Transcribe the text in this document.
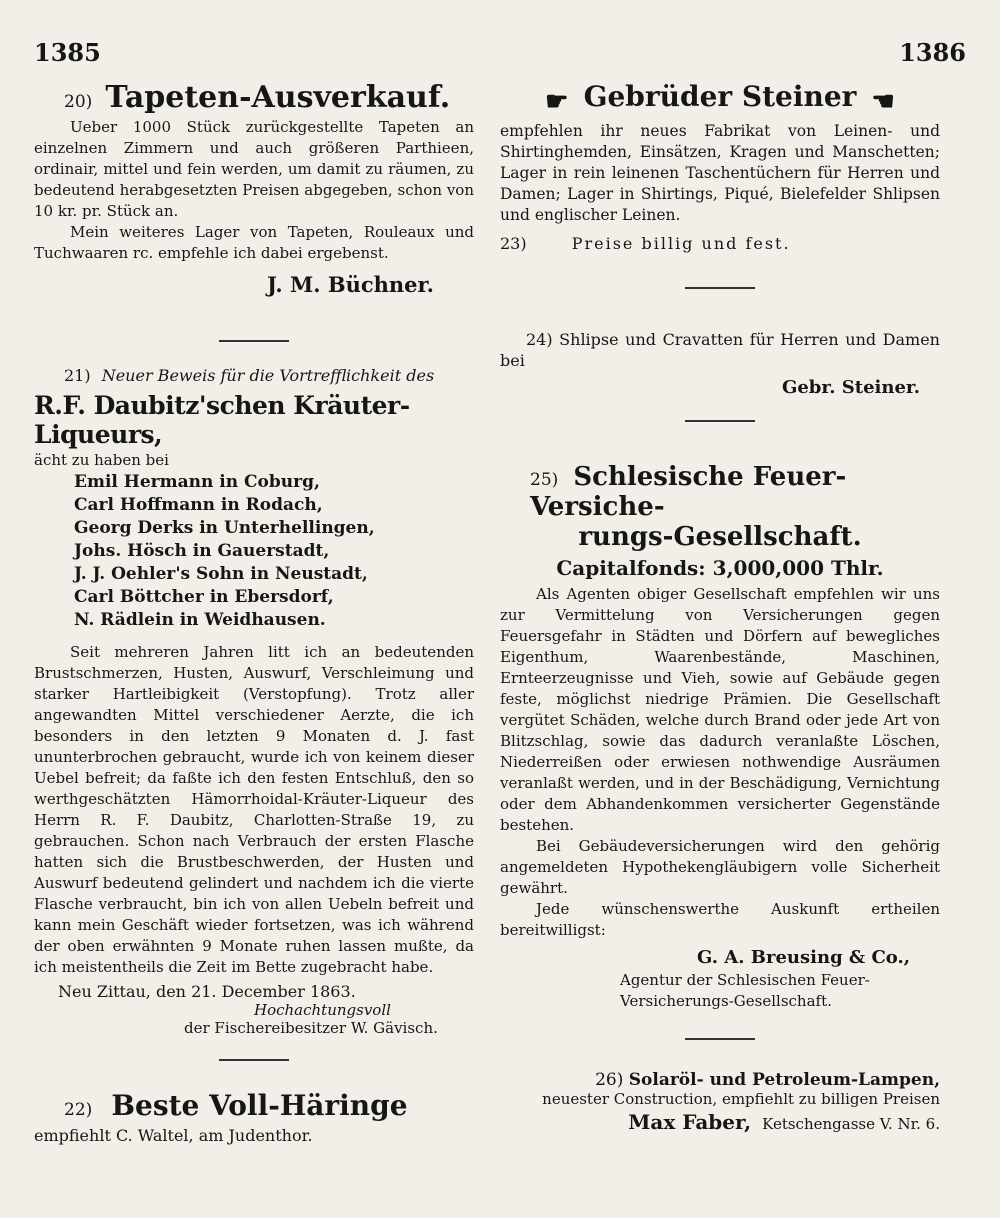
1385	1386
20) Tapeten-Ausverkauf.

Ueber 1000 Stück zurückgestellte Tapeten an einzelnen Zimmern und auch größeren Parthieen, ordinair, mittel und fein werden, um damit zu räumen, zu bedeutend herabgesetzten Preisen abgegeben, schon von 10 kr. pr. Stück an.

Mein weiteres Lager von Tapeten, Rouleaux und Tuchwaaren rc. empfehle ich dabei ergebenst.

J. M. Büchner.
21) Neuer Beweis für die Vortrefflichkeit des
R.F. Daubitz'schen Kräuter-Liqueurs,
ächt zu haben bei
Emil Hermann in Coburg,
Carl Hoffmann in Rodach,
Georg Derks in Unterhellingen,
Johs. Hösch in Gauerstadt,
J. J. Oehler's Sohn in Neustadt,
Carl Böttcher in Ebersdorf,
N. Rädlein in Weidhausen.

Seit mehreren Jahren litt ich an bedeutenden Brustschmerzen, Husten, Auswurf, Verschleimung und starker Hartleibigkeit (Verstopfung). Trotz aller angewandten Mittel verschiedener Aerzte, die ich besonders in den letzten 9 Monaten d. J. fast ununterbrochen gebraucht, wurde ich von keinem dieser Uebel befreit; da faßte ich den festen Entschluß, den so werthgeschätzten Hämorrhoidal-Kräuter-Liqueur des Herrn R. F. Daubitz, Charlotten-Straße 19, zu gebrauchen. Schon nach Verbrauch der ersten Flasche hatten sich die Brustbeschwerden, der Husten und Auswurf bedeutend gelindert und nachdem ich die vierte Flasche verbraucht, bin ich von allen Uebeln befreit und kann mein Geschäft wieder fortsetzen, was ich während der oben erwähnten 9 Monate ruhen lassen mußte, da ich meistentheils die Zeit im Bette zugebracht habe.

Neu Zittau, den 21. December 1863.
Hochachtungsvoll
der Fischereibesitzer W. Gävisch.
22) Beste Voll-Häringe
empfiehlt C. Waltel, am Judenthor.
☛ Gebrüder Steiner ☚

empfehlen ihr neues Fabrikat von Leinen- und Shirtinghemden, Einsätzen, Kragen und Manschetten; Lager in rein leinenen Taschentüchern für Herren und Damen; Lager in Shirtings, Piqué, Bielefelder Shlipsen und englischer Leinen.

23)	Preise billig und fest.

24) Shlipse und Cravatten für Herren und Damen bei

Gebr. Steiner.
25) Schlesische Feuer-Versiche-
rungs-Gesellschaft.
Capitalfonds: 3,000,000 Thlr.

Als Agenten obiger Gesellschaft empfehlen wir uns zur Vermittelung von Versicherungen gegen Feuersgefahr in Städten und Dörfern auf bewegliches Eigenthum, Waarenbestände, Maschinen, Ernteerzeugnisse und Vieh, sowie auf Gebäude gegen feste, möglichst niedrige Prämien. Die Gesellschaft vergütet Schäden, welche durch Brand oder jede Art von Blitzschlag, sowie das dadurch veranlaßte Löschen, Niederreißen oder erwiesen nothwendige Ausräumen veranlaßt werden, und in der Beschädigung, Vernichtung oder dem Abhandenkommen versicherter Gegenstände bestehen.

Bei Gebäudeversicherungen wird den gehörig angemeldeten Hypothekengläubigern volle Sicherheit gewährt.

Jede wünschenswerthe Auskunft ertheilen bereitwilligst:

G. A. Breusing & Co.,
Agentur der Schlesischen Feuer-Versicherungs-Gesellschaft.
26) Solaröl- und Petroleum-Lampen,
neuester Construction, empfiehlt zu billigen Preisen
Max Faber, Ketschengasse V. Nr. 6.
